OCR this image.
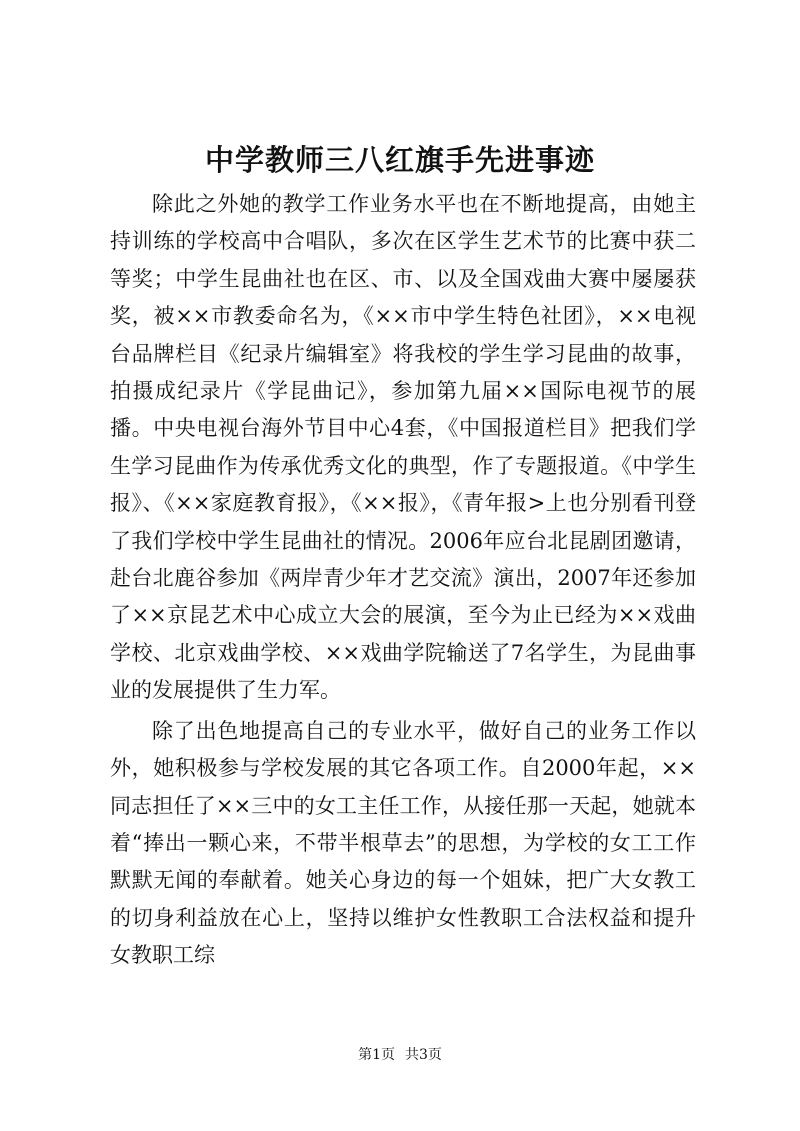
中学教师三八红旗手先进事迹

除此之外她的教学工作业务水平也在不断地提高，由她主持训练的学校高中合唱队，多次在区学生艺术节的比赛中获二等奖；中学生昆曲社也在区、市、以及全国戏曲大赛中屡屡获奖，被××市教委命名为，《××市中学生特色社团》，××电视台品牌栏目《纪录片编辑室》将我校的学生学习昆曲的故事，拍摄成纪录片《学昆曲记》，参加第九届××国际电视节的展播。中央电视台海外节目中心4套，《中国报道栏目》把我们学生学习昆曲作为传承优秀文化的典型，作了专题报道。《中学生报》、《××家庭教育报》，《××报》，《青年报>上也分别看刊登了我们学校中学生昆曲社的情况。2006年应台北昆剧团邀请，赴台北鹿谷参加《两岸青少年才艺交流》演出，2007年还参加了××京昆艺术中心成立大会的展演，至今为止已经为××戏曲学校、北京戏曲学校、××戏曲学院输送了7名学生，为昆曲事业的发展提供了生力军。

除了出色地提高自己的专业水平，做好自己的业务工作以外，她积极参与学校发展的其它各项工作。自2000年起，××同志担任了××三中的女工主任工作，从接任那一天起，她就本着“捧出一颗心来，不带半根草去”的思想，为学校的女工工作默默无闻的奉献着。她关心身边的每一个姐妹，把广大女教工的切身利益放在心上，坚持以维护女性教职工合法权益和提升女教职工综

第1页 共3页
